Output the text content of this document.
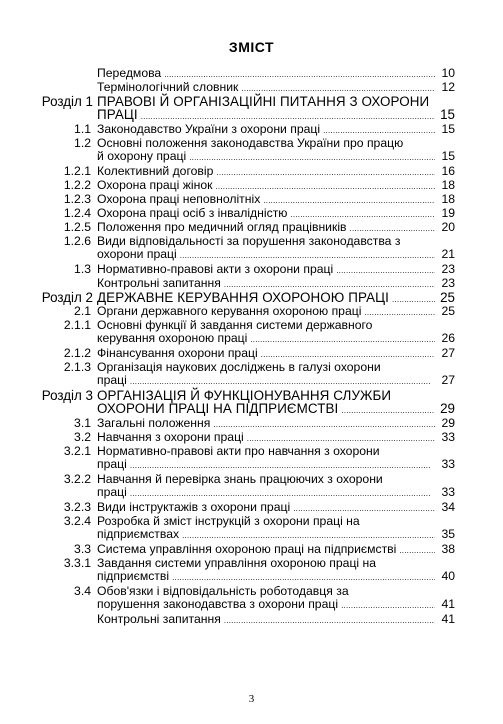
ЗМІСТ
Передмова . . .	10
Термінологічний словник . . .	12
Розділ 1 ПРАВОВІ Й ОРГАНІЗАЦІЙНІ ПИТАННЯ З ОХОРОНИ
ПРАЦІ . . .	15
1.1 Законодавство України з охорони праці . . .	15
1.2 Основні положення законодавства України про працю
й охорону праці . . .	15
1.2.1 Колективний договір . . .	16
1.2.2 Охорона праці жінок . . .	18
1.2.3 Охорона праці неповнолітніх . . .	18
1.2.4 Охорона праці осіб з інвалідністю . . .	19
1.2.5 Положення про медичний огляд працівників . . .	20
1.2.6 Види відповідальності за порушення законодавства з
охорони праці . . .	21
1.3 Нормативно-правові акти з охорони праці . . .	23
Контрольні запитання . . .	23
Розділ 2 ДЕРЖАВНЕ КЕРУВАННЯ ОХОРОНОЮ ПРАЦІ . . .	25
2.1 Органи державного керування охороною праці . . .	25
2.1.1 Основні функції й завдання системи державного
керування охороною праці . . .	26
2.1.2 Фінансування охорони праці . . .	27
2.1.3 Організація наукових досліджень в галузі охорони
праці . . .	27
Розділ 3 ОРГАНІЗАЦІЯ Й ФУНКЦІОНУВАННЯ СЛУЖБИ
ОХОРОНИ ПРАЦІ НА ПІДПРИЄМСТВІ . . .	29
3.1 Загальні положення . . .	29
3.2 Навчання з охорони праці . . .	33
3.2.1 Нормативно-правові акти про навчання з охорони
праці . . .	33
3.2.2 Навчання й перевірка знань працюючих з охорони
праці . . .	33
3.2.3 Види інструктажів з охорони праці . . .	34
3.2.4 Розробка й зміст інструкцій з охорони праці на
підприємствах . . .	35
3.3 Система управління охороною праці на підприємстві . . .	38
3.3.1 Завдання системи управління охороною праці на
підприємстві . . .	40
3.4 Обов'язки і відповідальність роботодавця за
порушення законодавства з охорони праці . . .	41
Контрольні запитання . . .	41
3
